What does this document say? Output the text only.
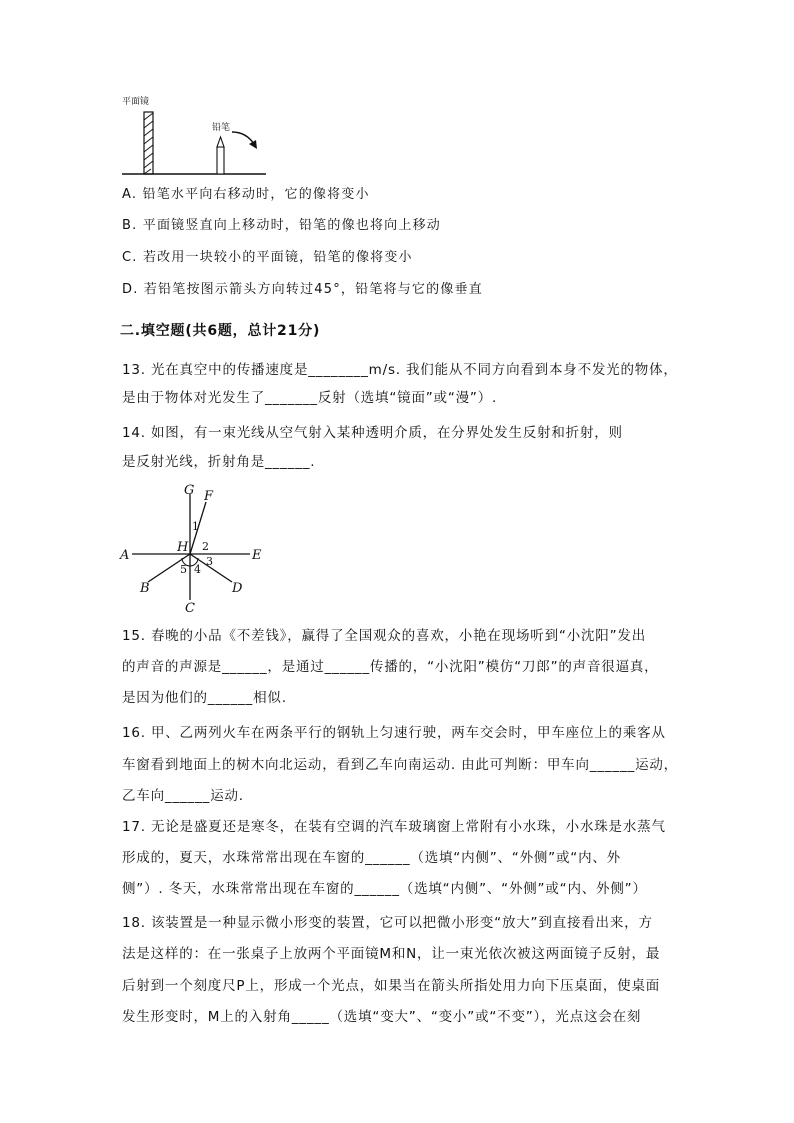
平面镜
铅笔
A. 铅笔水平向右移动时，它的像将变小
B. 平面镜竖直向上移动时，铅笔的像也将向上移动
C. 若改用一块较小的平面镜，铅笔的像将变小
D. 若铅笔按图示箭头方向转过45°，铅笔将与它的像垂直
二.填空题(共6题，总计21分)
13. 光在真空中的传播速度是________m/s. 我们能从不同方向看到本身不发光的物体，
是由于物体对光发生了_______反射（选填“镜面”或“漫”）.
14. 如图，有一束光线从空气射入某种透明介质，在分界处发生反射和折射，则
是反射光线，折射角是______.
G F
A
H
E
B
C
D
1
2
3
4
5
15. 春晚的小品《不差钱》，赢得了全国观众的喜欢，小艳在现场听到“小沈阳”发出
的声音的声源是______，是通过______传播的，“小沈阳”模仿“刀郎”的声音很逼真，
是因为他们的______相似.
16. 甲、乙两列火车在两条平行的钢轨上匀速行驶，两车交会时，甲车座位上的乘客从
车窗看到地面上的树木向北运动，看到乙车向南运动. 由此可判断：甲车向______运动，
乙车向______运动.
17. 无论是盛夏还是寒冬，在装有空调的汽车玻璃窗上常附有小水珠，小水珠是水蒸气
形成的，夏天，水珠常常出现在车窗的______（选填“内侧”、“外侧”或“内、外
侧”）. 冬天，水珠常常出现在车窗的______（选填“内侧”、“外侧”或“内、外侧”）
18. 该装置是一种显示微小形变的装置，它可以把微小形变“放大”到直接看出来，方
法是这样的：在一张桌子上放两个平面镜M和N，让一束光依次被这两面镜子反射，最
后射到一个刻度尺P上，形成一个光点，如果当在箭头所指处用力向下压桌面，使桌面
发生形变时，M上的入射角_____（选填“变大”、“变小”或“不变”），光点这会在刻
